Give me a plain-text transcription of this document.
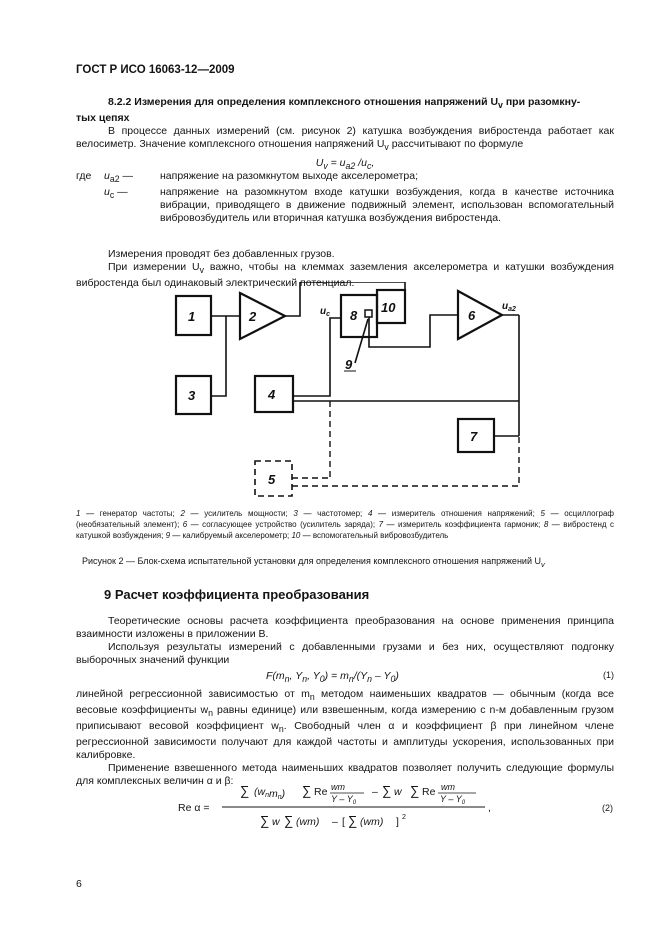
ГОСТ Р ИСО 16063-12—2009

8.2.2 Измерения для определения комплексного отношения напряжений $U_v$ при разомкну-
тых цепях

В процессе данных измерений (см. рисунок 2) катушка возбуждения вибростенда работает как велосиметр. Значение комплексного отношения напряжений $U_v$ рассчитывают по формуле

$U_v = u_{a2}$ $/u_c$,

где	$u_{a2}$ —	напряжение на разомкнутом выходе акселерометра;
$u_c$ —	напряжение на разомкнутом входе катушки возбуждения, когда в качестве источника вибрации, приводящего в движение подвижный элемент, использован вспомогательный вибровозбудитель или вторичная катушка возбуждения вибростенда.

Измерения проводят без добавленных грузов.

При измерении $U_v$ важно, чтобы на клеммах заземления акселерометра и катушки возбуждения вибростенда был одинаковый электрический потенциал.

1	2
3	4
5
6
7
8
9
10
$u_c$
$u_{a2}$
1 — генератор частоты; 2 — усилитель мощности; 3 — частотомер; 4 — измеритель отношения напряжений; 5 — осциллограф (необязательный элемент); 6 — согласующее устройство (усилитель заряда); 7 — измеритель коэффициента гармоник; 8 — вибростенд с катушкой возбуждения; 9 — калибруемый акселерометр; 10 — вспомогательный вибровозбудитель
Рисунок 2 — Блок-схема испытательной установки для определения комплексного отношения напряжений $U_v$
9 Расчет коэффициента преобразования

Теоретические основы расчета коэффициента преобразования на основе применения принципа взаимности изложены в приложении В.

Используя результаты измерений с добавленными грузами и без них, осуществляют подгонку выборочных значений функции

$F(m_n$, $Y_n$, $Y_0) = m_n/(Y_n - Y_0)$	(1)

линейной регрессионной зависимостью от $m_n$ методом наименьших квадратов — обычным (когда все весовые коэффициенты $w_n$ равны единице) или взвешенным, когда измерению с n-м добавленным грузом приписывают весовой коэффициент $w_n$. Свободный член α и коэффициент β при линейном члене регрессионной зависимости получают для каждой частоты и амплитуды ускорения, использованных при калибровке.

Применение взвешенного метода наименьших квадратов позволяет получить следующие формулы для комплексных величин α и β:

Re α =
∑ (wnmn) ∑ Re wm
Y – $Y_0$
– ∑ w ∑ Re wm
Y – $Y_0$
∑ w ∑ (wm) – [ ∑ (wm) ] 2
,	(2)
6
